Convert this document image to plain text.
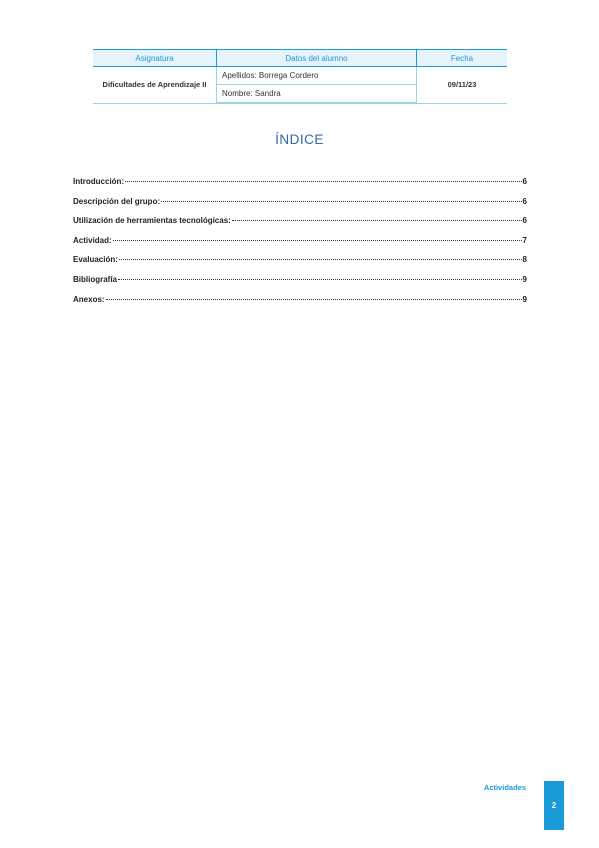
Asignatura	Datos del alumno	Fecha
Dificultades de Aprendizaje II	Apellidos: Borrega Cordero	09/11/23
	Nombre: Sandra	
ÍNDICE
Introducción:	6
Descripción del grupo:	6
Utilización de herramientas tecnológicas:	6
Actividad:	7
Evaluación:	8
Bibliografía	9
Anexos:	9
Actividades
2
